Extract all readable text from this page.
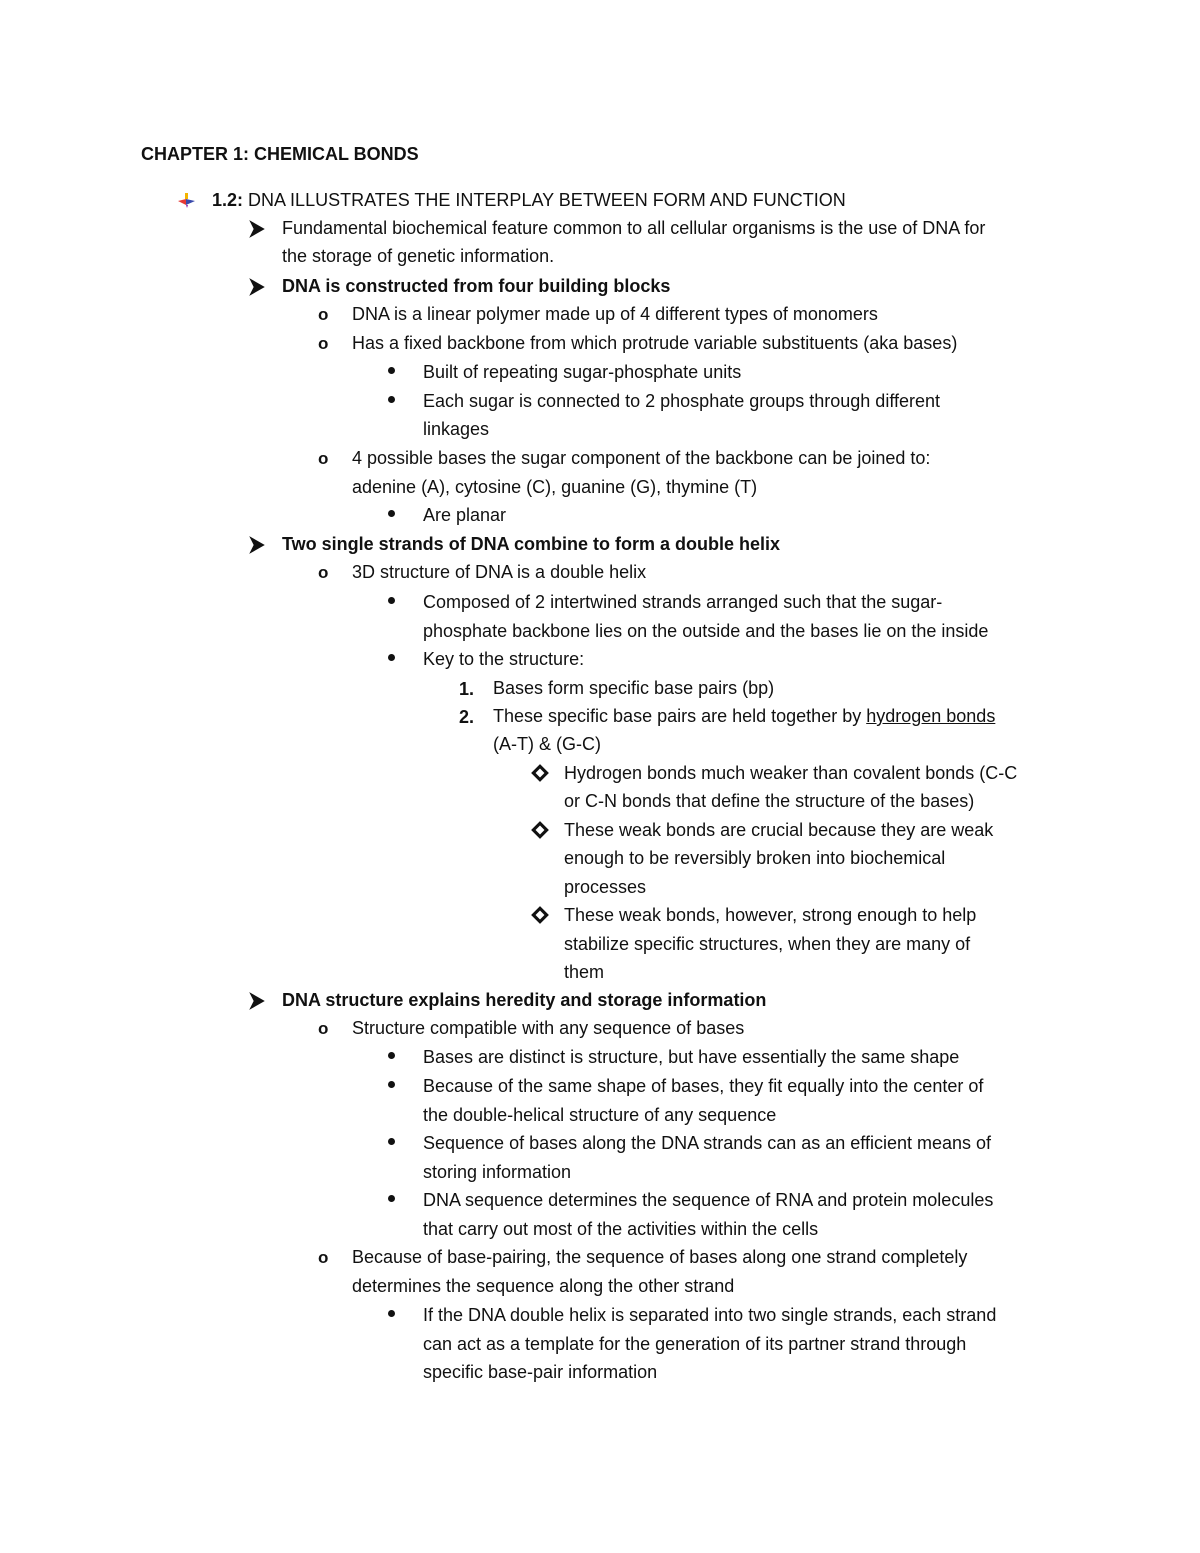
CHAPTER 1: CHEMICAL BONDS
1.2: DNA ILLUSTRATES THE INTERPLAY BETWEEN FORM AND FUNCTION
Fundamental biochemical feature common to all cellular organisms is the use of DNA for
the storage of genetic information.
DNA is constructed from four building blocks
o	DNA is a linear polymer made up of 4 different types of monomers
o	Has a fixed backbone from which protrude variable substituents (aka bases)
Built of repeating sugar-phosphate units
Each sugar is connected to 2 phosphate groups through different
linkages
o	4 possible bases the sugar component of the backbone can be joined to:
adenine (A), cytosine (C), guanine (G), thymine (T)
Are planar
Two single strands of DNA combine to form a double helix
o	3D structure of DNA is a double helix
Composed of 2 intertwined strands arranged such that the sugar-
phosphate backbone lies on the outside and the bases lie on the inside
Key to the structure:
1. Bases form specific base pairs (bp)
2. These specific base pairs are held together by hydrogen bonds
(A-T) & (G-C)
Hydrogen bonds much weaker than covalent bonds (C-C
or C-N bonds that define the structure of the bases)
These weak bonds are crucial because they are weak
enough to be reversibly broken into biochemical
processes
These weak bonds, however, strong enough to help
stabilize specific structures, when they are many of
them
DNA structure explains heredity and storage information
o	Structure compatible with any sequence of bases
Bases are distinct is structure, but have essentially the same shape
Because of the same shape of bases, they fit equally into the center of
the double-helical structure of any sequence
Sequence of bases along the DNA strands can as an efficient means of
storing information
DNA sequence determines the sequence of RNA and protein molecules
that carry out most of the activities within the cells
o	Because of base-pairing, the sequence of bases along one strand completely
determines the sequence along the other strand
If the DNA double helix is separated into two single strands, each strand
can act as a template for the generation of its partner strand through
specific base-pair information
